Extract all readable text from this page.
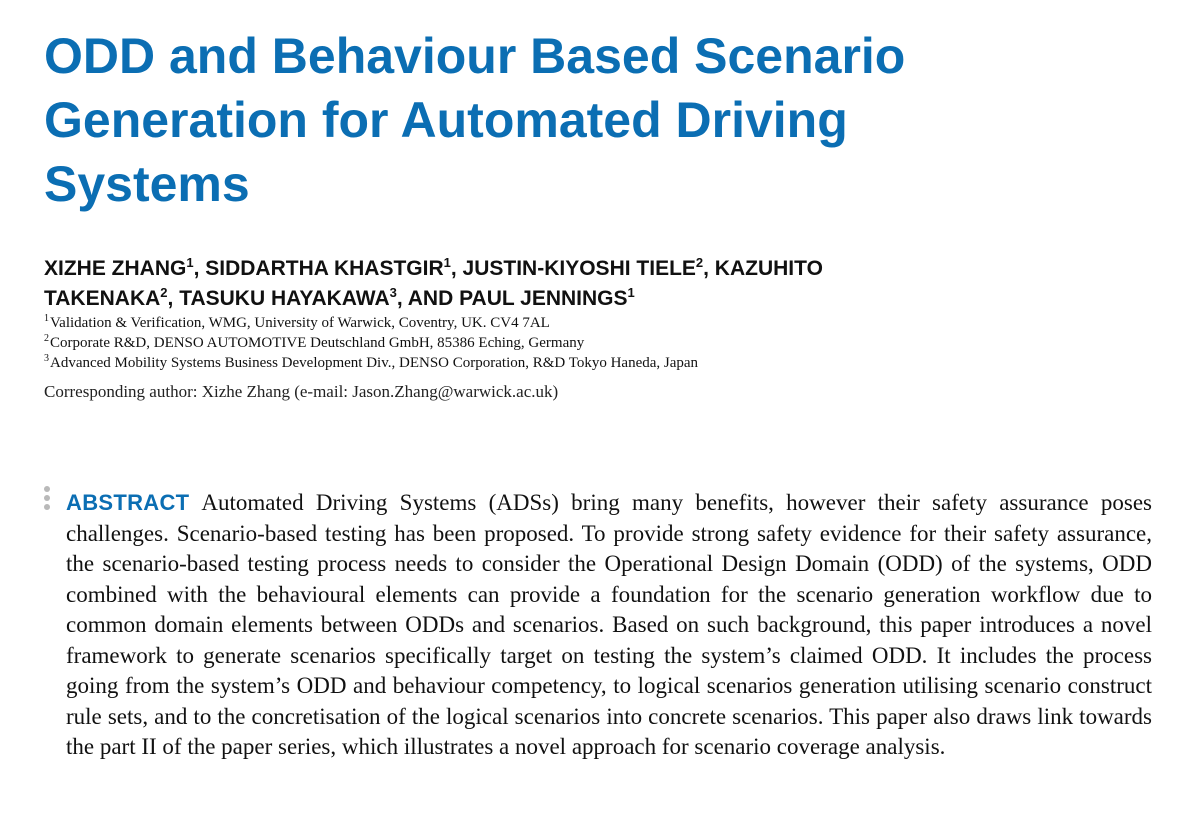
ODD and Behaviour Based Scenario
Generation for Automated Driving
Systems
XIZHE ZHANG$^1$, SIDDARTHA KHASTGIR$^1$, JUSTIN-KIYOSHI TIELE$^2$, KAZUHITO
TAKENAKA$^2$, TASUKU HAYAKAWA$^3$, AND PAUL JENNINGS$^1$
$^1$Validation & Verification, WMG, University of Warwick, Coventry, UK. CV4 7AL
$^2$Corporate R&D, DENSO AUTOMOTIVE Deutschland GmbH, 85386 Eching, Germany
$^3$Advanced Mobility Systems Business Development Div., DENSO Corporation, R&D Tokyo Haneda, Japan
Corresponding author: Xizhe Zhang (e-mail: Jason.Zhang@warwick.ac.uk)

ABSTRACT Automated Driving Systems (ADSs) bring many benefits, however their safety assurance poses challenges. Scenario-based testing has been proposed. To provide strong safety evidence for their safety assurance, the scenario-based testing process needs to consider the Operational Design Domain (ODD) of the systems, ODD combined with the behavioural elements can provide a foundation for the scenario generation workflow due to common domain elements between ODDs and scenarios. Based on such background, this paper introduces a novel framework to generate scenarios specifically target on testing the system’s claimed ODD. It includes the process going from the system’s ODD and behaviour competency, to logical scenarios generation utilising scenario construct rule sets, and to the concretisation of the logical scenarios into concrete scenarios. This paper also draws link towards the part II of the paper series, which illustrates a novel approach for scenario coverage analysis.
